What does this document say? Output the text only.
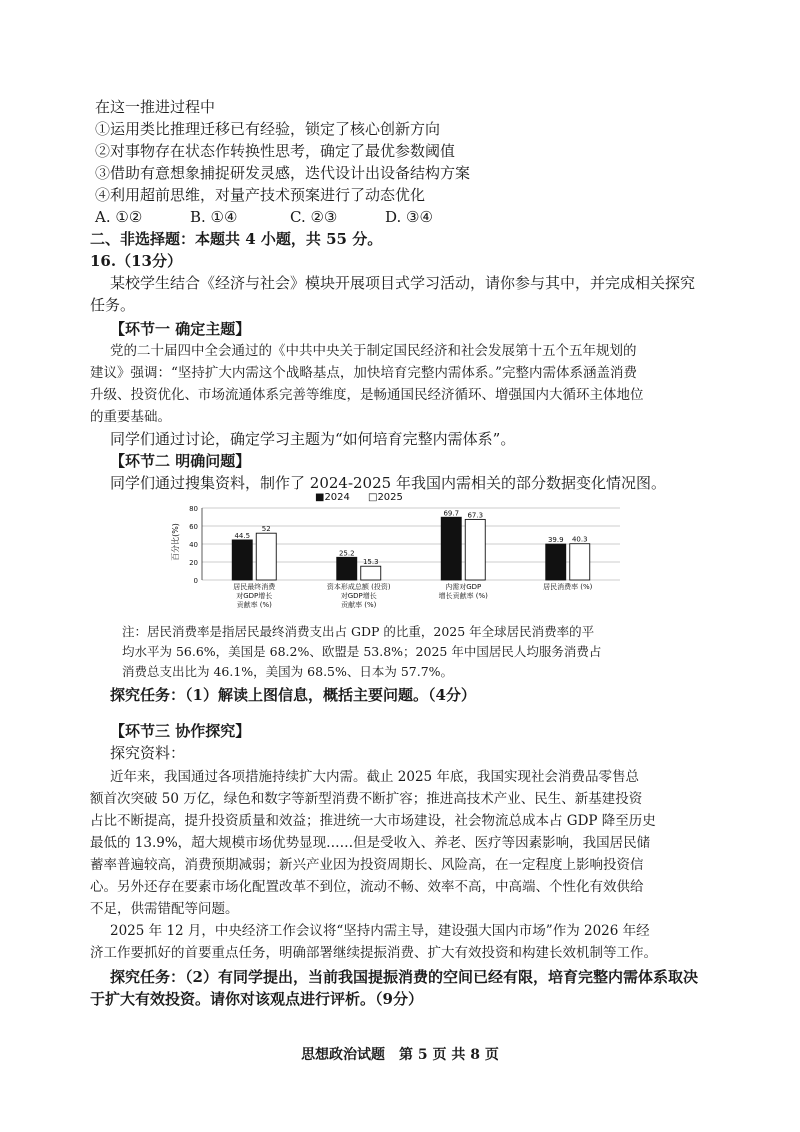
在这一推进过程中
①运用类比推理迁移已有经验，锁定了核心创新方向
②对事物存在状态作转换性思考，确定了最优参数阈值
③借助有意想象捕捉研发灵感，迭代设计出设备结构方案
④利用超前思维，对量产技术预案进行了动态优化
A. ①②	B. ①④	C. ②③	D. ③④
二、非选择题：本题共 4 小题，共 55 分。
16.（13分）
某校学生结合《经济与社会》模块开展项目式学习活动，请你参与其中，并完成相关探究
任务。
【环节一 确定主题】
党的二十届四中全会通过的《中共中央关于制定国民经济和社会发展第十五个五年规划的
建议》强调：“坚持扩大内需这个战略基点，加快培育完整内需体系。”完整内需体系涵盖消费
升级、投资优化、市场流通体系完善等维度，是畅通国民经济循环、增强国内大循环主体地位
的重要基础。
同学们通过讨论，确定学习主题为“如何培育完整内需体系”。
【环节二 明确问题】
同学们通过搜集资料，制作了 2024-2025 年我国内需相关的部分数据变化情况图。
■2024 □2025
百分比(%)
0
20
40
60
80
44.5
52
居民最终消费
对GDP增长
贡献率 (%)
25.2
15.3
资本形成总额 (投资)
对GDP增长
贡献率 (%)
69.7 67.3
内需对GDP
增长贡献率 (%)
39.9 40.3
居民消费率 (%)
注：居民消费率是指居民最终消费支出占 GDP 的比重，2025 年全球居民消费率的平
均水平为 56.6%，美国是 68.2%、欧盟是 53.8%；2025 年中国居民人均服务消费占
消费总支出比为 46.1%，美国为 68.5%、日本为 57.7%。
探究任务：（1）解读上图信息，概括主要问题。（4分）
【环节三 协作探究】
探究资料：
近年来，我国通过各项措施持续扩大内需。截止 2025 年底，我国实现社会消费品零售总
额首次突破 50 万亿，绿色和数字等新型消费不断扩容；推进高技术产业、民生、新基建投资
占比不断提高，提升投资质量和效益；推进统一大市场建设，社会物流总成本占 GDP 降至历史
最低的 13.9%，超大规模市场优势显现……但是受收入、养老、医疗等因素影响，我国居民储
蓄率普遍较高，消费预期减弱；新兴产业因为投资周期长、风险高，在一定程度上影响投资信
心。另外还存在要素市场化配置改革不到位，流动不畅、效率不高，中高端、个性化有效供给
不足，供需错配等问题。
2025 年 12 月，中央经济工作会议将“坚持内需主导，建设强大国内市场”作为 2026 年经
济工作要抓好的首要重点任务，明确部署继续提振消费、扩大有效投资和构建长效机制等工作。
探究任务：（2）有同学提出，当前我国提振消费的空间已经有限，培育完整内需体系取决
于扩大有效投资。请你对该观点进行评析。（9分）
思想政治试题　第 5 页 共 8 页
